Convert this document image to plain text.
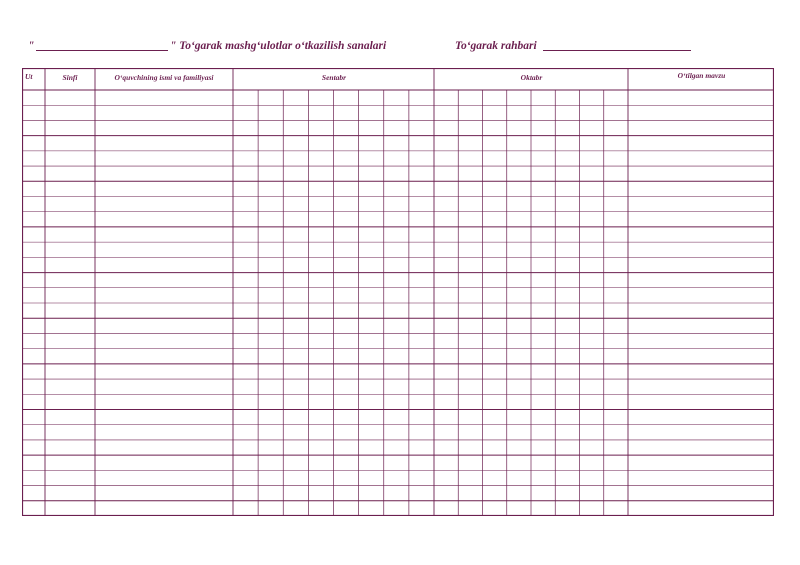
"	" To‘garak mashg‘ulotlar o‘tkazilish sanalari	To‘garak rahbari
Ut	Sinfi	O‘quvchining ismi va familiyasi	Sentabr	Oktabr	O‘tilgan mavzu
